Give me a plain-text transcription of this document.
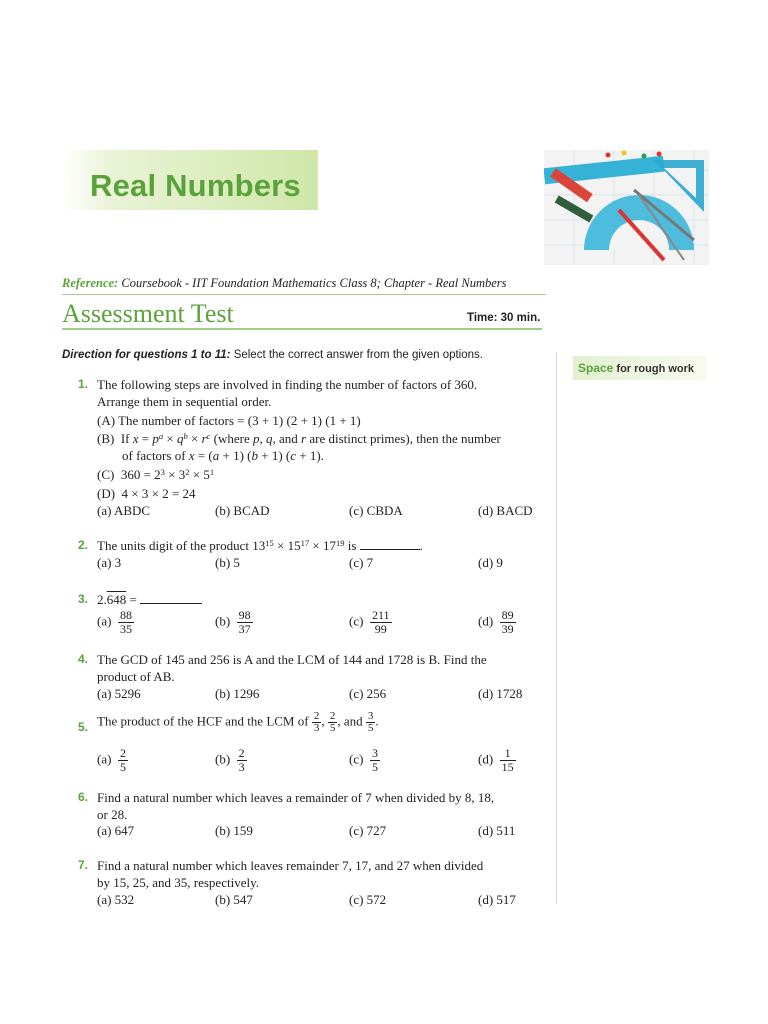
Real Numbers
Reference: Coursebook - IIT Foundation Mathematics Class 8; Chapter - Real Numbers
Assessment Test	Time: 30 min.
Direction for questions 1 to 11: Select the correct answer from the given options.
Space for rough work
1. The following steps are involved in finding the number of factors of 360.
Arrange them in sequential order.
(A) The number of factors = (3 + 1) (2 + 1) (1 + 1)
(B)  If $x = p^a \times q^b \times r^c$ (where p, q, and r are distinct primes), then the number
of factors of x = (a + 1) (b + 1) (c + 1).
(C)  $360 = 2^3 \times 3^2 \times 5^1$
(D)  4 × 3 × 2 = 24
(a) ABDC	(b) BCAD	(c) CBDA	(d) BACD
2. The units digit of the product $13^{15} \times 15^{17} \times 17^{19}$ is	.
(a) 3	(b) 5	(c) 7	(d) 9
3. 2.648 =
$(a) \frac{88}{35}$	$(b) \frac{98}{37}$	$(c) \frac{211}{99}$	$(d) \frac{89}{39}$
4. The GCD of 145 and 256 is A and the LCM of 144 and 1728 is B. Find the
product of AB.
(a) 5296	(b) 1296	(c) 256	(d) 1728
5. The product of the HCF and the LCM of $\frac{2}{3}$ , $\frac{2}{5}$ , and $\frac{3}{5}$ .
$(a) \frac{2}{5}$	$(b) \frac{2}{3}$	$(c) \frac{3}{5}$	$(d) \frac{1}{15}$
6. Find a natural number which leaves a remainder of 7 when divided by 8, 18,
or 28.
(a) 647	(b) 159	(c) 727	(d) 511
7. Find a natural number which leaves remainder 7, 17, and 27 when divided
by 15, 25, and 35, respectively.
(a) 532	(b) 547	(c) 572	(d) 517
